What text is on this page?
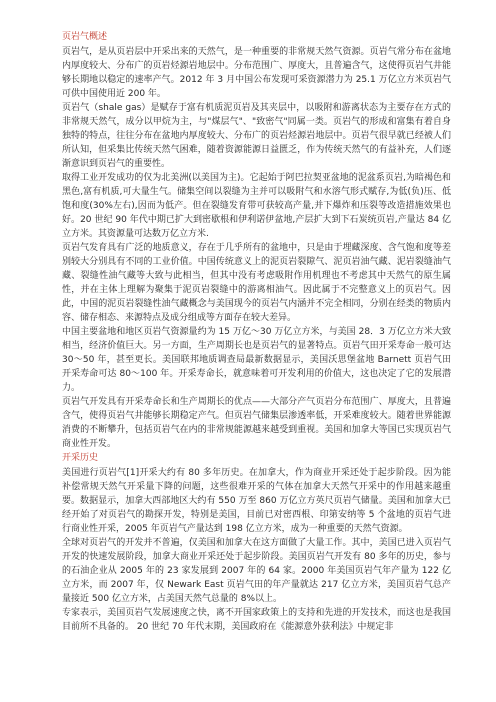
页岩气概述

页岩气，是从页岩层中开采出来的天然气，是一种重要的非常规天然气资源。页岩气常分布在盆地内厚度较大、分布广的页岩烃源岩地层中。分布范围广、厚度大，且普遍含气，这使得页岩气井能够长期地以稳定的速率产气。2012 年 3 月中国公布发现可采资源潜力为 25.1 万亿立方米页岩气可供中国使用近 200 年。

页岩气（shale gas）是赋存于富有机质泥页岩及其夹层中，以吸附和游离状态为主要存在方式的非常规天然气，成分以甲烷为主，与"煤层气"、"致密气"同属一类。页岩气的形成和富集有着自身独特的特点，往往分布在盆地内厚度较大、分布广的页岩烃源岩地层中。页岩气很早就已经被人们所认知，但采集比传统天然气困难，随着资源能源日益匮乏，作为传统天然气的有益补充，人们逐渐意识到页岩气的重要性。

取得工业开发成功的仅为北美洲(以美国为主)。它起始于阿巴拉契亚盆地的泥盆系页岩,为暗褐色和黑色,富有机质,可大量生气。储集空间以裂缝为主并可以吸附气和水溶气形式赋存,为低(负)压、低饱和度(30%左右),因而为低产。但在裂缝发育带可获较高产量,并下爆炸和压裂等改造措施效果也好。20 世纪 90 年代中期已扩大到密歇根和伊利诺伊盆地,产层扩大到下石炭统页岩,产量达 84 亿立方米。其资源量可达数万亿立方米.

页岩气发育具有广泛的地质意义，存在于几乎所有的盆地中，只是由于埋藏深度、含气饱和度等差别较大分别具有不同的工业价值。中国传统意义上的泥页岩裂隙气、泥页岩油气藏、泥岩裂缝油气藏、裂缝性油气藏等大致与此相当，但其中没有考虑吸附作用机理也不考虑其中天然气的原生属性，并在主体上理解为聚集于泥页岩裂缝中的游离相油气。因此属于不完整意义上的页岩气。因此，中国的泥页岩裂缝性油气藏概念与美国现今的页岩气内涵并不完全相同，分别在经类的物质内容、储存相态、来源特点及成分组成等方面存在较大差异。

中国主要盆地和地区页岩气资源量约为 15 万亿～30 万亿立方米，与美国 28．3 万亿立方米大致相当，经济价值巨大。另一方面，生产周期长也是页岩气的显著特点。页岩气田开采寿命一般可达 30～50 年，甚至更长。美国联邦地质调查局最新数据显示，美国沃思堡盆地 Barnett 页岩气田开采寿命可达 80～100 年。开采寿命长，就意味着可开发利用的价值大，这也决定了它的发展潜力。

页岩气开发具有开采寿命长和生产周期长的优点——大部分产气页岩分布范围广、厚度大，且普遍含气，使得页岩气井能够长期稳定产气。但页岩气储集层渗透率低，开采难度较大。随着世界能源消费的不断攀升，包括页岩气在内的非常规能源越来越受到重视。美国和加拿大等国已实现页岩气商业性开发。

开采历史

美国进行页岩气[1]开采大约有 80 多年历史。在加拿大，作为商业开采还处于起步阶段。因为能补偿常规天然气开采量下降的问题，这些很难开采的气体在加拿大天然气开采中的作用越来越重要。数据显示，加拿大西部地区大约有 550 万至 860 万亿立方英尺页岩气储量。美国和加拿大已经开始了对页岩气的勘探开发，特别是美国，目前已对密西根、印第安纳等 5 个盆地的页岩气进行商业性开采，2005 年页岩气产量达到 198 亿立方米，成为一种重要的天然气资源。

全球对页岩气的开发并不普遍，仅美国和加拿大在这方面做了大量工作。其中，美国已进入页岩气开发的快速发展阶段，加拿大商业开采还处于起步阶段。美国页岩气开发有 80 多年的历史，参与的石油企业从 2005 年的 23 家发展到 2007 年的 64 家。2000 年美国页岩气年产量为 122 亿立方米，而 2007 年，仅 Newark East 页岩气田的年产量就达 217 亿立方米，美国页岩气总产量接近 500 亿立方米，占美国天然气总量的 8%以上。

专家表示，美国页岩气发展速度之快，离不开国家政策上的支持和先进的开发技术，而这也是我国目前所不具备的。 20 世纪 70 年代末期，美国政府在《能源意外获利法》中规定非
